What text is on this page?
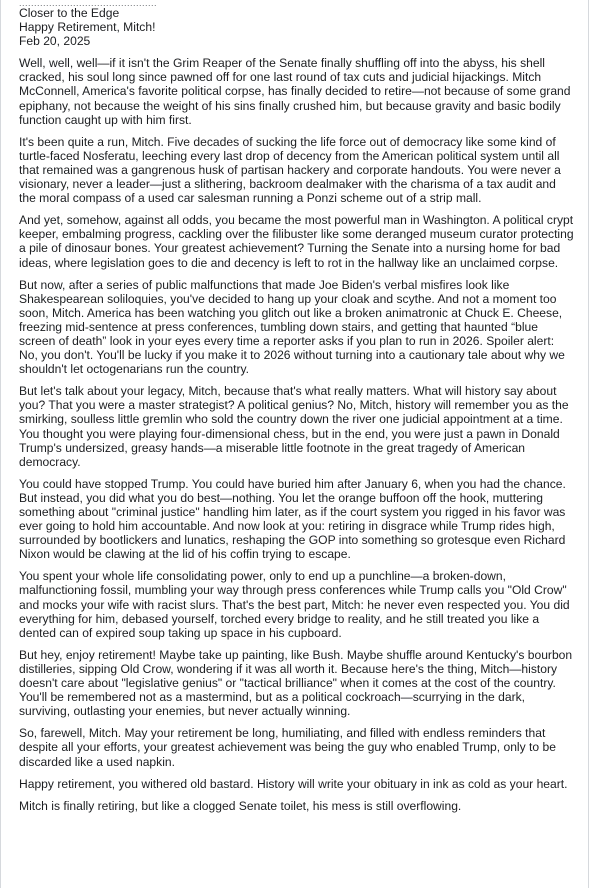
..............................................
Closer to the Edge
Happy Retirement, Mitch!
Feb 20, 2025

Well, well, well—if it isn't the Grim Reaper of the Senate finally shuffling off into the abyss, his shell cracked, his soul long since pawned off for one last round of tax cuts and judicial hijackings. Mitch McConnell, America's favorite political corpse, has finally decided to retire—not because of some grand epiphany, not because the weight of his sins finally crushed him, but because gravity and basic bodily function caught up with him first.

It's been quite a run, Mitch. Five decades of sucking the life force out of democracy like some kind of turtle-faced Nosferatu, leeching every last drop of decency from the American political system until all that remained was a gangrenous husk of partisan hackery and corporate handouts. You were never a visionary, never a leader—just a slithering, backroom dealmaker with the charisma of a tax audit and the moral compass of a used car salesman running a Ponzi scheme out of a strip mall.

And yet, somehow, against all odds, you became the most powerful man in Washington. A political crypt keeper, embalming progress, cackling over the filibuster like some deranged museum curator protecting a pile of dinosaur bones. Your greatest achievement? Turning the Senate into a nursing home for bad ideas, where legislation goes to die and decency is left to rot in the hallway like an unclaimed corpse.

But now, after a series of public malfunctions that made Joe Biden's verbal misfires look like Shakespearean soliloquies, you've decided to hang up your cloak and scythe. And not a moment too soon, Mitch. America has been watching you glitch out like a broken animatronic at Chuck E. Cheese, freezing mid-sentence at press conferences, tumbling down stairs, and getting that haunted “blue screen of death” look in your eyes every time a reporter asks if you plan to run in 2026. Spoiler alert: No, you don't. You'll be lucky if you make it to 2026 without turning into a cautionary tale about why we shouldn't let octogenarians run the country.

But let's talk about your legacy, Mitch, because that's what really matters. What will history say about you? That you were a master strategist? A political genius? No, Mitch, history will remember you as the smirking, soulless little gremlin who sold the country down the river one judicial appointment at a time. You thought you were playing four-dimensional chess, but in the end, you were just a pawn in Donald Trump's undersized, greasy hands—a miserable little footnote in the great tragedy of American democracy.

You could have stopped Trump. You could have buried him after January 6, when you had the chance. But instead, you did what you do best—nothing. You let the orange buffoon off the hook, muttering something about "criminal justice" handling him later, as if the court system you rigged in his favor was ever going to hold him accountable. And now look at you: retiring in disgrace while Trump rides high, surrounded by bootlickers and lunatics, reshaping the GOP into something so grotesque even Richard Nixon would be clawing at the lid of his coffin trying to escape.

You spent your whole life consolidating power, only to end up a punchline—a broken-down, malfunctioning fossil, mumbling your way through press conferences while Trump calls you "Old Crow" and mocks your wife with racist slurs. That's the best part, Mitch: he never even respected you. You did everything for him, debased yourself, torched every bridge to reality, and he still treated you like a dented can of expired soup taking up space in his cupboard.

But hey, enjoy retirement! Maybe take up painting, like Bush. Maybe shuffle around Kentucky's bourbon distilleries, sipping Old Crow, wondering if it was all worth it. Because here's the thing, Mitch—history doesn't care about "legislative genius" or "tactical brilliance" when it comes at the cost of the country. You'll be remembered not as a mastermind, but as a political cockroach—scurrying in the dark, surviving, outlasting your enemies, but never actually winning.

So, farewell, Mitch. May your retirement be long, humiliating, and filled with endless reminders that despite all your efforts, your greatest achievement was being the guy who enabled Trump, only to be discarded like a used napkin.

Happy retirement, you withered old bastard. History will write your obituary in ink as cold as your heart.

Mitch is finally retiring, but like a clogged Senate toilet, his mess is still overflowing.
